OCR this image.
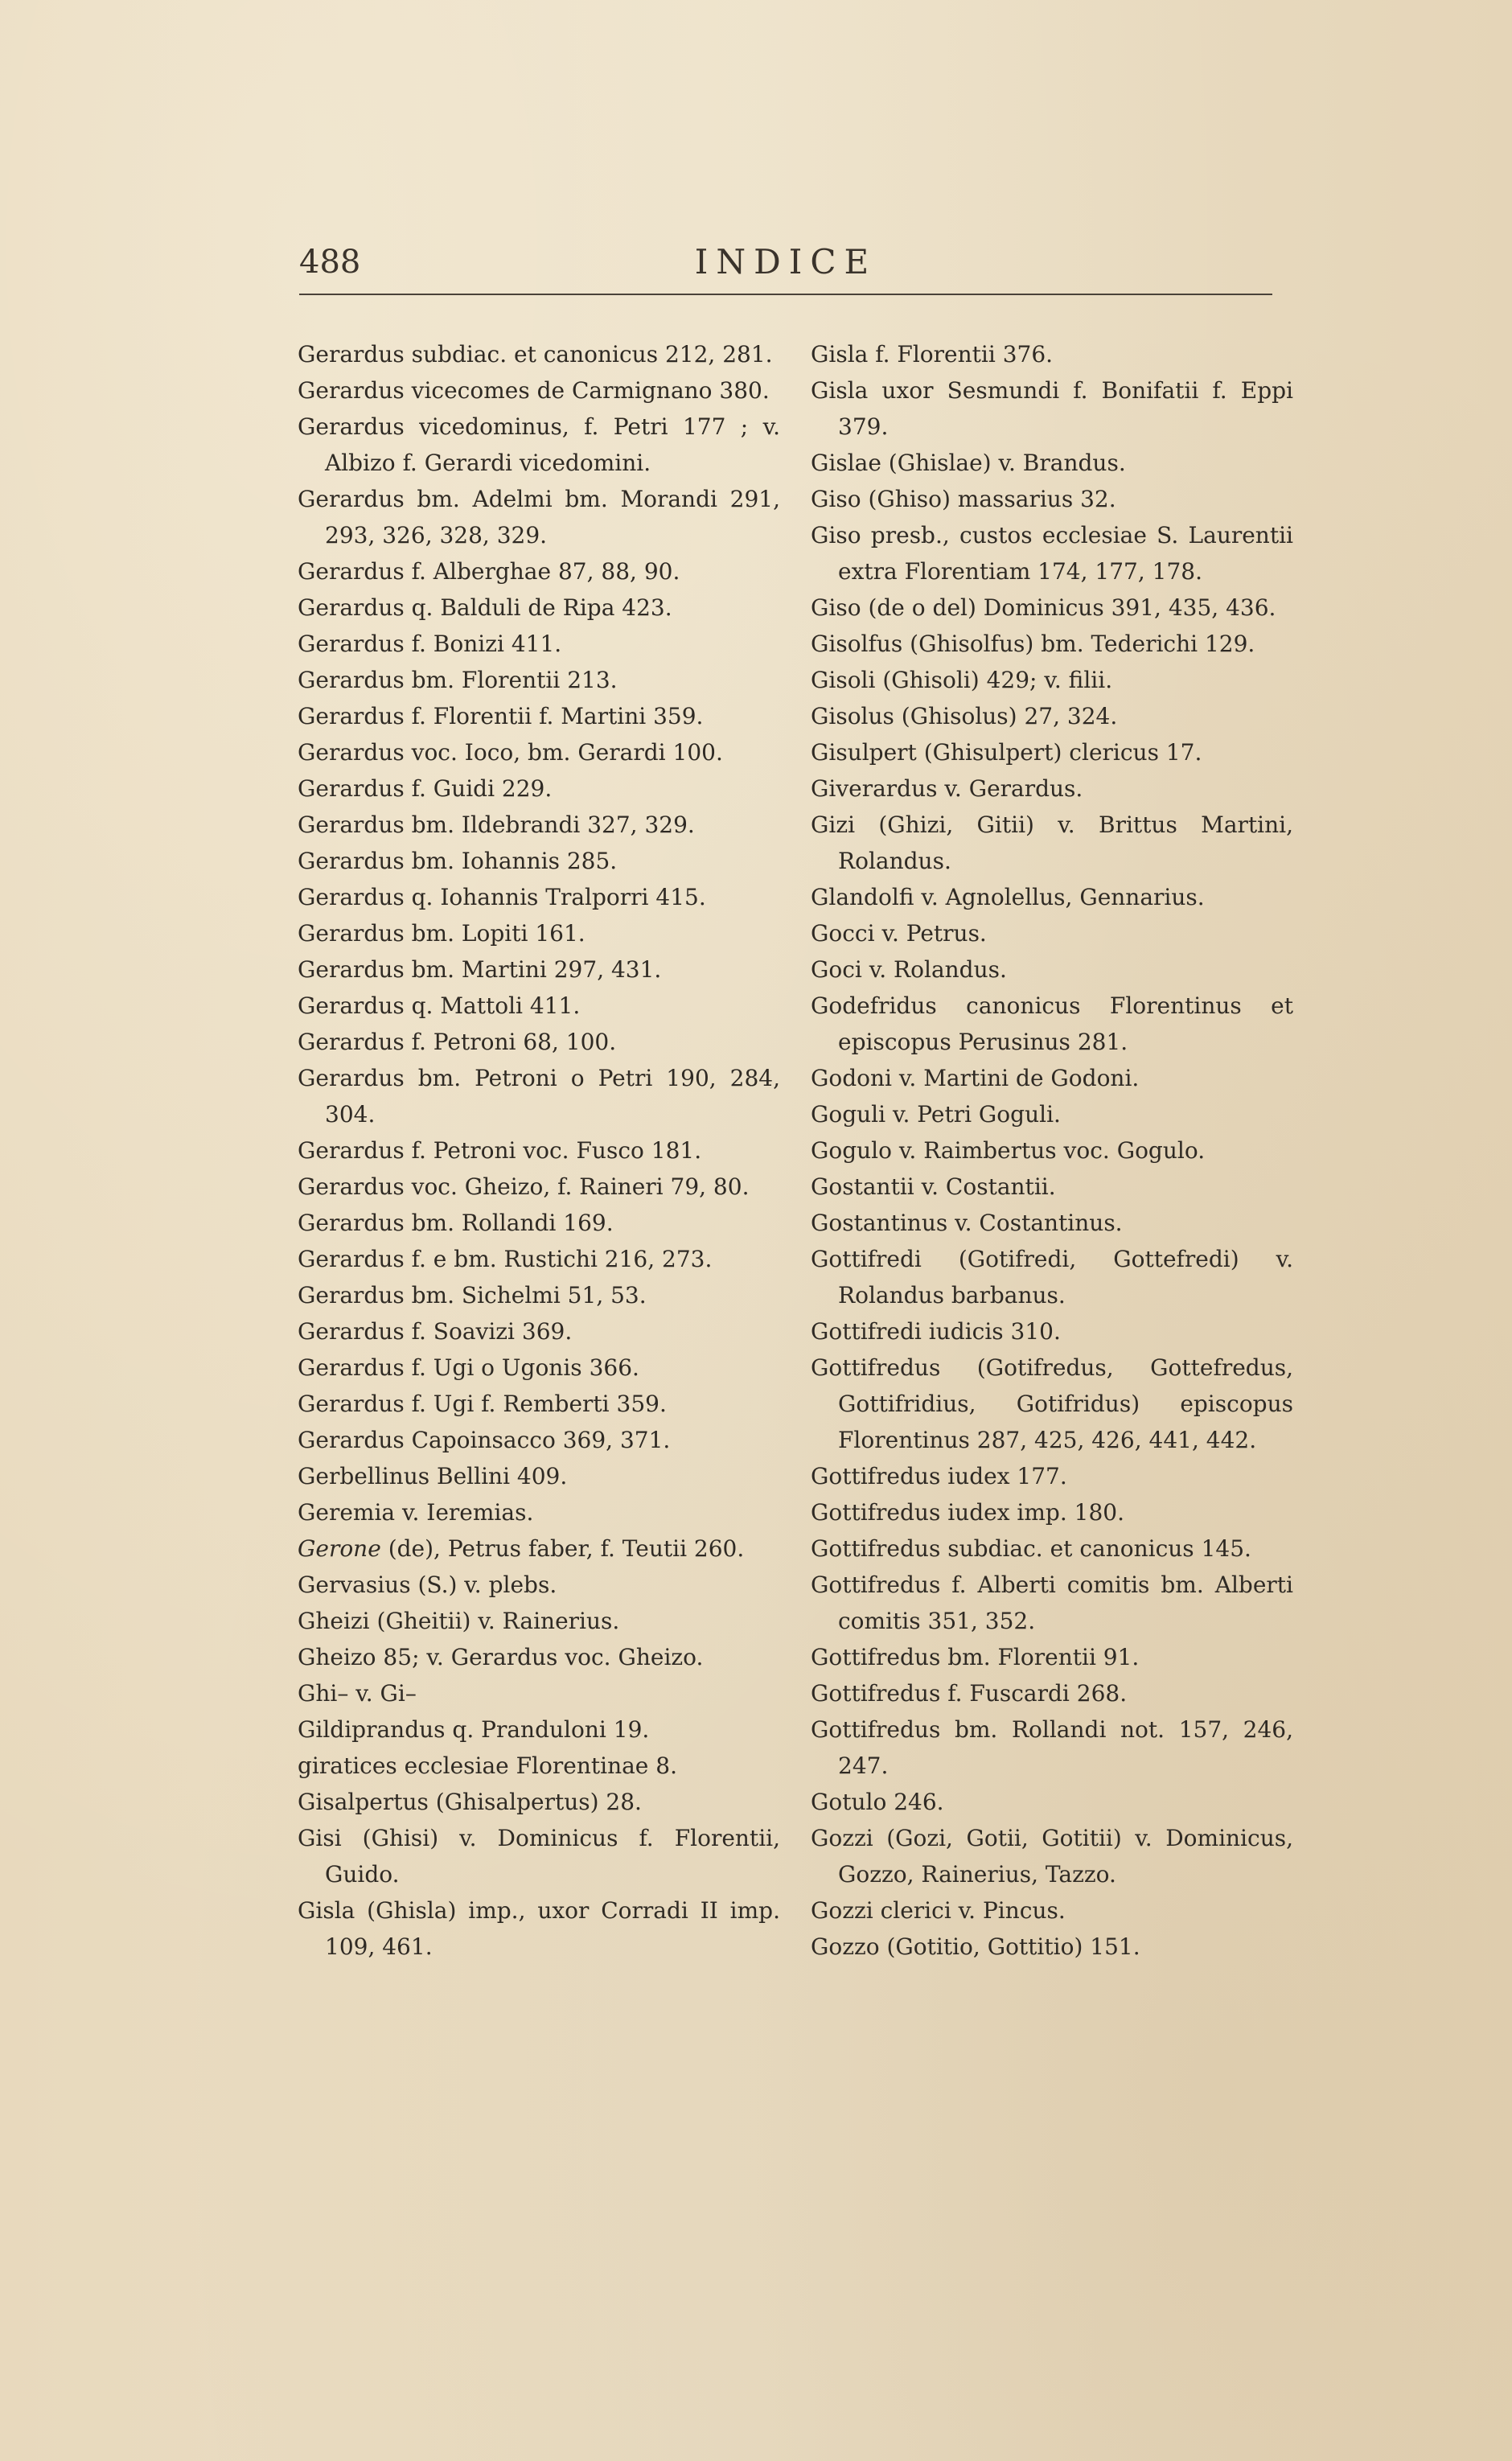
488	INDICE

Gerardus subdiac. et canonicus 212, 281.

Gerardus vicecomes de Carmignano 380.

Gerardus vicedominus, f. Petri 177 ; v. Albizo f. Gerardi vicedomini.

Gerardus bm. Adelmi bm. Morandi 291, 293, 326, 328, 329.

Gerardus f. Alberghae 87, 88, 90.

Gerardus q. Balduli de Ripa 423.

Gerardus f. Bonizi 411.

Gerardus bm. Florentii 213.

Gerardus f. Florentii f. Martini 359.

Gerardus voc. Ioco, bm. Gerardi 100.

Gerardus f. Guidi 229.

Gerardus bm. Ildebrandi 327, 329.

Gerardus bm. Iohannis 285.

Gerardus q. Iohannis Tralporri 415.

Gerardus bm. Lopiti 161.

Gerardus bm. Martini 297, 431.

Gerardus q. Mattoli 411.

Gerardus f. Petroni 68, 100.

Gerardus bm. Petroni o Petri 190, 284, 304.

Gerardus f. Petroni voc. Fusco 181.

Gerardus voc. Gheizo, f. Raineri 79, 80.

Gerardus bm. Rollandi 169.

Gerardus f. e bm. Rustichi 216, 273.

Gerardus bm. Sichelmi 51, 53.

Gerardus f. Soavizi 369.

Gerardus f. Ugi o Ugonis 366.

Gerardus f. Ugi f. Remberti 359.

Gerardus Capoinsacco 369, 371.

Gerbellinus Bellini 409.

Geremia v. Ieremias.

Gerone (de), Petrus faber, f. Teutii 260.

Gervasius (S.) v. plebs.

Gheizi (Gheitii) v. Rainerius.

Gheizo 85; v. Gerardus voc. Gheizo.

Ghi– v. Gi–

Gildiprandus q. Pranduloni 19.

giratices ecclesiae Florentinae 8.

Gisalpertus (Ghisalpertus) 28.

Gisi (Ghisi) v. Dominicus f. Florentii, Guido.

Gisla (Ghisla) imp., uxor Corradi II imp. 109, 461.

Gisla f. Florentii 376.

Gisla uxor Sesmundi f. Bonifatii f. Eppi 379.

Gislae (Ghislae) v. Brandus.

Giso (Ghiso) massarius 32.

Giso presb., custos ecclesiae S. Laurentii extra Florentiam 174, 177, 178.

Giso (de o del) Dominicus 391, 435, 436.

Gisolfus (Ghisolfus) bm. Tederichi 129.

Gisoli (Ghisoli) 429; v. filii.

Gisolus (Ghisolus) 27, 324.

Gisulpert (Ghisulpert) clericus 17.

Giverardus v. Gerardus.

Gizi (Ghizi, Gitii) v. Brittus Martini, Rolandus.

Glandolfi v. Agnolellus, Gennarius.

Gocci v. Petrus.

Goci v. Rolandus.

Godefridus canonicus Florentinus et episcopus Perusinus 281.

Godoni v. Martini de Godoni.

Goguli v. Petri Goguli.

Gogulo v. Raimbertus voc. Gogulo.

Gostantii v. Costantii.

Gostantinus v. Costantinus.

Gottifredi (Gotifredi, Gottefredi) v. Rolandus barbanus.

Gottifredi iudicis 310.

Gottifredus (Gotifredus, Gottefredus, Gottifridius, Gotifridus) episcopus Florentinus 287, 425, 426, 441, 442.

Gottifredus iudex 177.

Gottifredus iudex imp. 180.

Gottifredus subdiac. et canonicus 145.

Gottifredus f. Alberti comitis bm. Alberti comitis 351, 352.

Gottifredus bm. Florentii 91.

Gottifredus f. Fuscardi 268.

Gottifredus bm. Rollandi not. 157, 246, 247.

Gotulo 246.

Gozzi (Gozi, Gotii, Gotitii) v. Dominicus, Gozzo, Rainerius, Tazzo.

Gozzi clerici v. Pincus.

Gozzo (Gotitio, Gottitio) 151.
